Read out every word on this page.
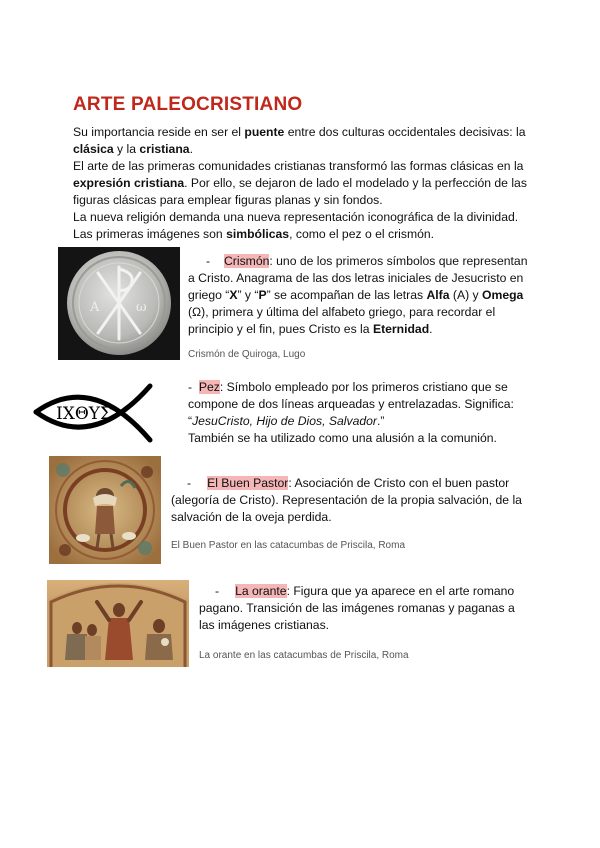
ARTE PALEOCRISTIANO

Su importancia reside en ser el puente entre dos culturas occidentales decisivas: la clásica y la cristiana.

El arte de las primeras comunidades cristianas transformó las formas clásicas en la expresión cristiana. Por ello, se dejaron de lado el modelado y la perfección de las figuras clásicas para emplear figuras planas y sin fondos.

La nueva religión demanda una nueva representación iconográfica de la divinidad. Las primeras imágenes son simbólicas, como el pez o el crismón.

A	ω
- Crismón: uno de los primeros símbolos que representan a Cristo. Anagrama de las dos letras iniciales de Jesucristo en griego “X” y “P” se acompañan de las letras Alfa (A) y Omega (Ω), primera y última del alfabeto griego, para recordar el principio y el fin, pues Cristo es la Eternidad.
Crismón de Quiroga, Lugo
ΙΧΘΥΣ
- Pez: Símbolo empleado por los primeros cristiano que se compone de dos líneas arqueadas y entrelazadas. Significa: “JesuCristo, Hijo de Dios, Salvador.”
También se ha utilizado como una alusión a la comunión.
- El Buen Pastor: Asociación de Cristo con el buen pastor (alegoría de Cristo). Representación de la propia salvación, de la salvación de la oveja perdida.
El Buen Pastor en las catacumbas de Priscila, Roma
- La orante: Figura que ya aparece en el arte romano pagano. Transición de las imágenes romanas y paganas a las imágenes cristianas.
La orante en las catacumbas de Priscila, Roma
